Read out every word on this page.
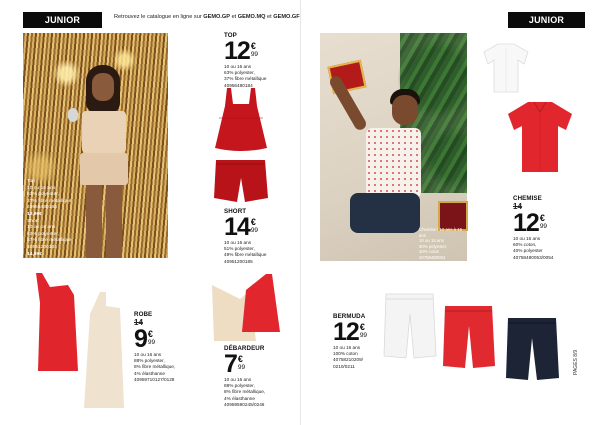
JUNIOR	Retrouvez le catalogue en ligne sur GEMO.GP et GEMO.MQ et GEMO.GF	JUNIOR
Top
10 ou 16 ans
63% polyester,
37% fibre métallique
40956480184
12,99€
Short
10 ou 16 ans
63% polyester,
37% fibre métallique
40951200184
14,99€
TOP
12 €
99
10 ou 16 ans
63% polyester,
37% fibre métallique
40956480184
SHORT
14 €
99
10 ou 16 ans
51% polyester,
49% fibre métallique
40951200185
ROBE
14
9 €
99
10 ou 16 ans
88% polyester,
8% fibre métallique,
4% élasthanne
40959710127/0128
DÉBARDEUR
7 €
99
10 ou 16 ans
88% polyester,
8% fibre métallique,
4% élasthanne
40959590245/0246
Chemise / 10 ans à 16 ans
10 ou 16 ans
60% polyester,
40% coton
40758480053
14,99€ 12,99€
CHEMISE
14
12 €
99
10 ou 16 ans
60% coton,
40% polyester
40758480053/0054
BERMUDA
12 €
99
10 ou 16 ans
100% coton
40758210209/
0210/0211	PAGES 8/9
